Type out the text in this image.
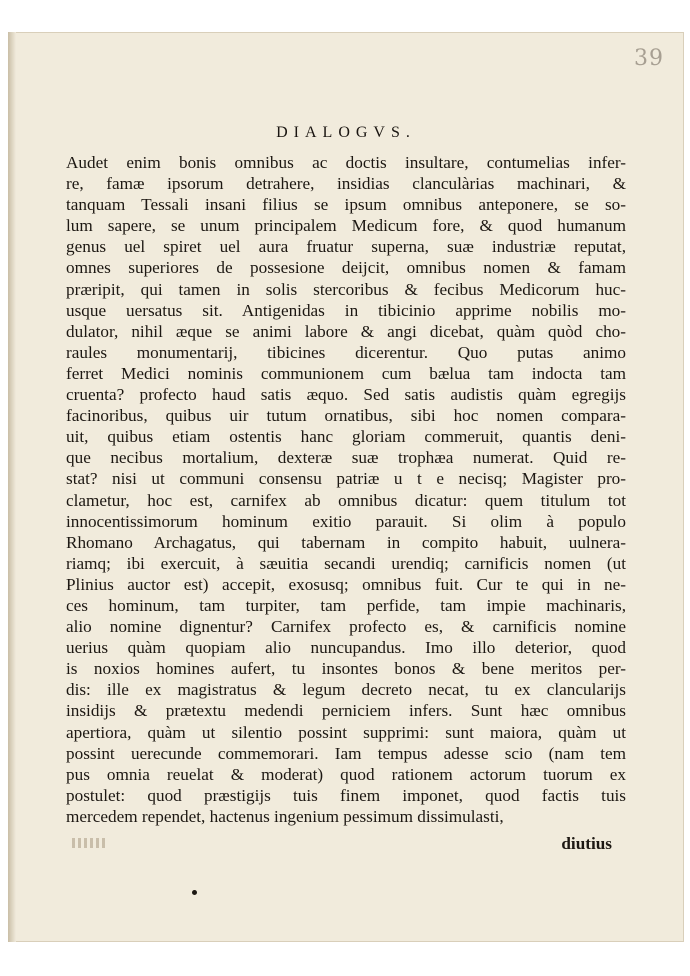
39
DIALOGVS.
Audet enim bonis omnibus ac doctis insultare, contumelias infer-
re, famæ ipsorum detrahere, insidias clanculàrias machinari, &
tanquam Tessali insani filius se ipsum omnibus anteponere, se so-
lum sapere, se unum principalem Medicum fore, & quod humanum
genus uel spiret uel aura fruatur superna, suæ industriæ reputat,
omnes superiores de possesione deijcit, omnibus nomen & famam
præripit, qui tamen in solis stercoribus & fecibus Medicorum huc-
usque uersatus sit. Antigenidas in tibicinio apprime nobilis mo-
dulator, nihil æque se animi labore & angi dicebat, quàm quòd cho-
raules monumentarij, tibicines dicerentur. Quo putas animo
ferret Medici nominis communionem cum bælua tam indocta tam
cruenta? profecto haud satis æquo. Sed satis audistis quàm egregijs
facinoribus, quibus uir tutum ornatibus, sibi hoc nomen compara-
uit, quibus etiam ostentis hanc gloriam commeruit, quantis deni-
que necibus mortalium, dexteræ suæ trophæa numerat. Quid re-
stat? nisi ut communi consensu patriæ u t e necisq; Magister pro-
clametur, hoc est, carnifex ab omnibus dicatur: quem titulum tot
innocentissimorum hominum exitio parauit. Si olim à populo
Rhomano Archagatus, qui tabernam in compito habuit, uulnera-
riamq; ibi exercuit, à sæuitia secandi urendiq; carnificis nomen (ut
Plinius auctor est) accepit, exosusq; omnibus fuit. Cur te qui in ne-
ces hominum, tam turpiter, tam perfide, tam impie machinaris,
alio nomine dignentur? Carnifex profecto es, & carnificis nomine
uerius quàm quopiam alio nuncupandus. Imo illo deterior, quod
is noxios homines aufert, tu insontes bonos & bene meritos per-
dis: ille ex magistratus & legum decreto necat, tu ex clancularijs
insidijs & prætextu medendi perniciem infers. Sunt hæc omnibus
apertiora, quàm ut silentio possint supprimi: sunt maiora, quàm ut
possint uerecunde commemorari. Iam tempus adesse scio (nam tem
pus omnia reuelat & moderat) quod rationem actorum tuorum ex
postulet: quod præstigijs tuis finem imponet, quod factis tuis
mercedem rependet, hactenus ingenium pessimum dissimulasti,
diutius
